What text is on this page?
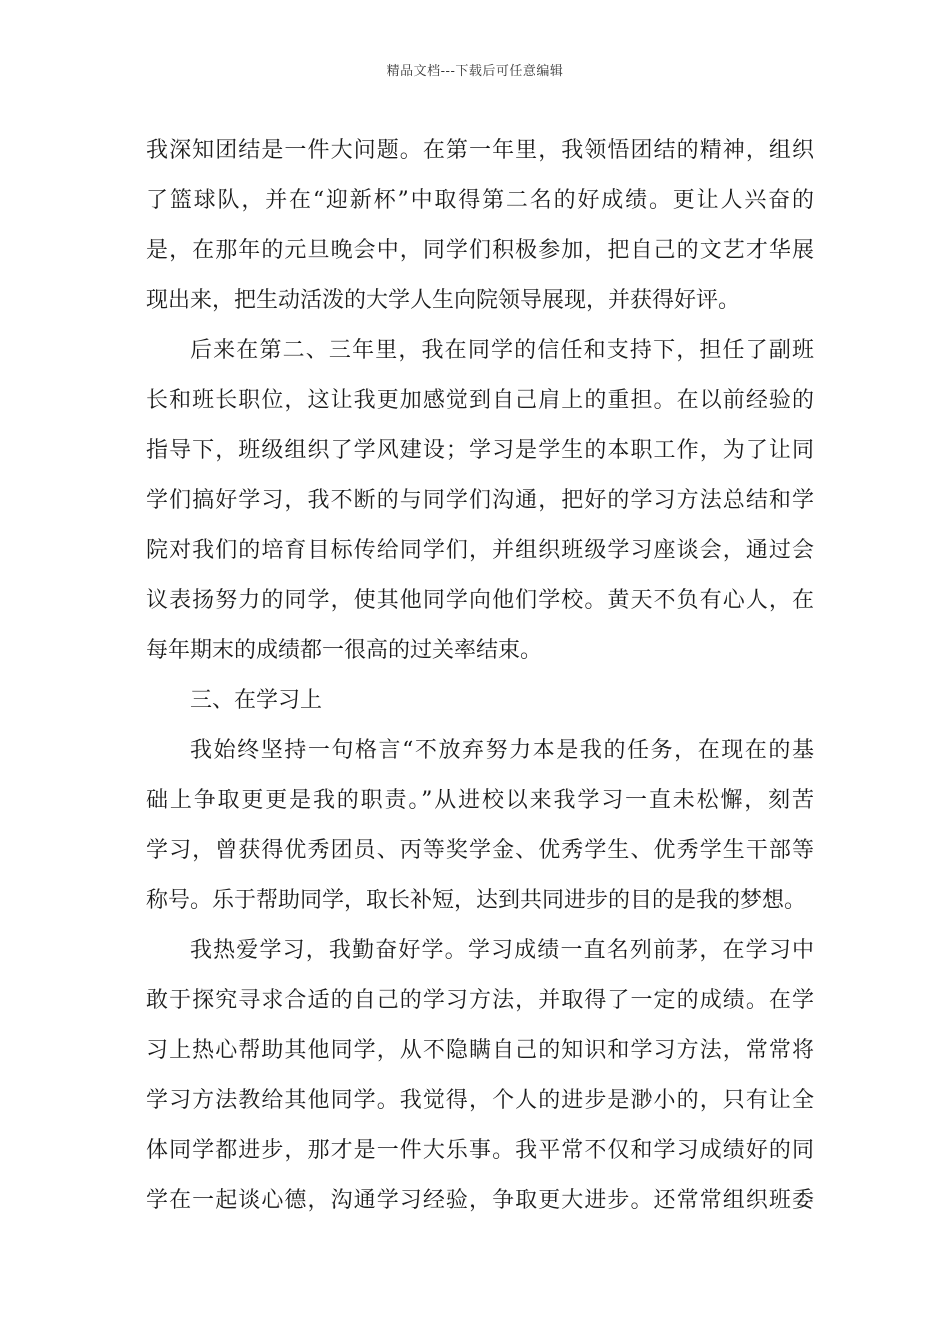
精品文档---下载后可任意编辑
我深知团结是一件大问题。在第一年里，我领悟团结的精神，组织
了篮球队，并在“迎新杯”中取得第二名的好成绩。更让人兴奋的
是，在那年的元旦晚会中，同学们积极参加，把自己的文艺才华展
现出来，把生动活泼的大学人生向院领导展现，并获得好评。
后来在第二、三年里，我在同学的信任和支持下，担任了副班
长和班长职位，这让我更加感觉到自己肩上的重担。在以前经验的
指导下，班级组织了学风建设；学习是学生的本职工作，为了让同
学们搞好学习，我不断的与同学们沟通，把好的学习方法总结和学
院对我们的培育目标传给同学们，并组织班级学习座谈会，通过会
议表扬努力的同学，使其他同学向他们学校。黄天不负有心人，在
每年期末的成绩都一很高的过关率结束。
三、在学习上
我始终坚持一句格言“不放弃努力本是我的任务，在现在的基
础上争取更更是我的职责。”从进校以来我学习一直未松懈，刻苦
学习，曾获得优秀团员、丙等奖学金、优秀学生、优秀学生干部等
称号。乐于帮助同学，取长补短，达到共同进步的目的是我的梦想。
我热爱学习，我勤奋好学。学习成绩一直名列前茅，在学习中
敢于探究寻求合适的自己的学习方法，并取得了一定的成绩。在学
习上热心帮助其他同学，从不隐瞒自己的知识和学习方法，常常将
学习方法教给其他同学。我觉得，个人的进步是渺小的，只有让全
体同学都进步，那才是一件大乐事。我平常不仅和学习成绩好的同
学在一起谈心德，沟通学习经验，争取更大进步。还常常组织班委
